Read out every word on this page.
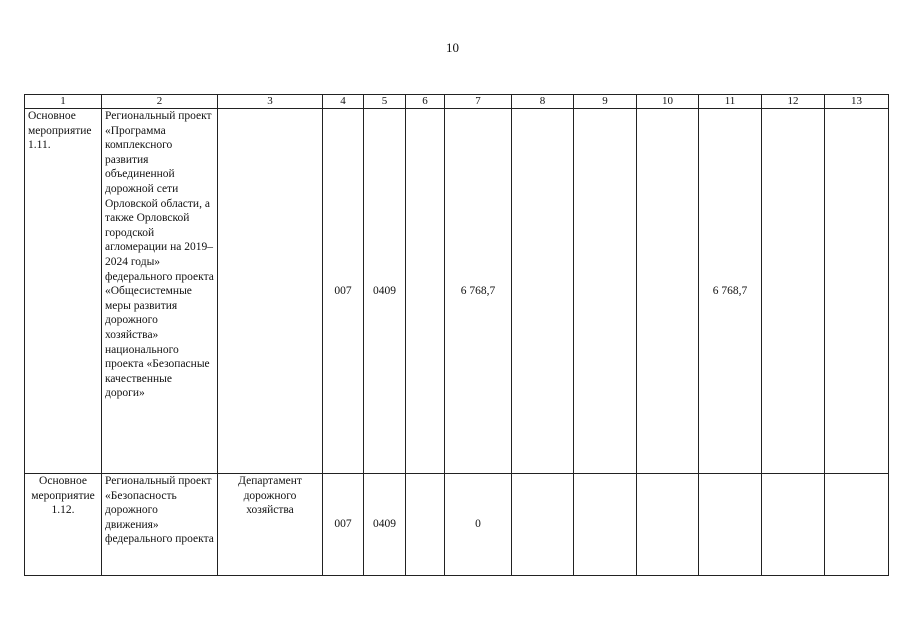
10
1	2	3	4	5	6	7	8	9	10	11	12	13
Основное мероприятие 1.11.	Региональный проект «Программа комплексного развития объединенной дорожной сети Орловской области, а также Орловской городской агломерации на 2019–2024 годы» федерального проекта «Общесистемные меры развития дорожного хозяйства» национального проекта «Безопасные качественные дороги»		007	0409		6 768,7				6 768,7		
Основное мероприятие 1.12.	Региональный проект «Безопасность дорожного движения» федерального проекта	Департамент дорожного хозяйства	007	0409		0						
